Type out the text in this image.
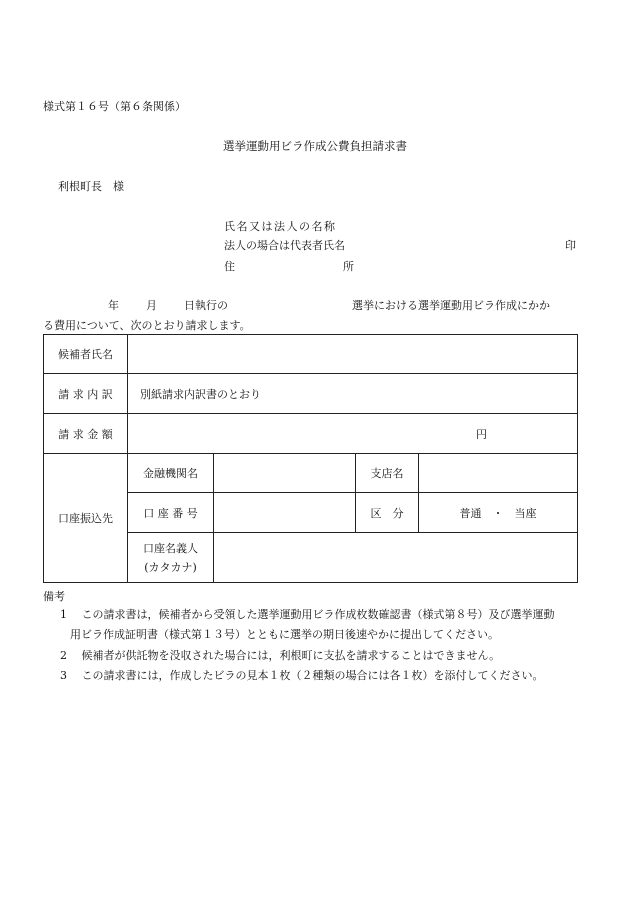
様式第１６号（第６条関係）
選挙運動用ビラ作成公費負担請求書
利根町長　様
氏名又は法人の名称
法人の場合は代表者氏名	印
住	所
年 月 日執行の	選挙における選挙運動用ビラ作成にかか
る費用について、次のとおり請求します。
候補者氏名				
請 求 内 訳	別紙請求内訳書のとおり			
請 求 金 額	円			
口座振込先	金融機関名		支店名	
	口 座 番 号		区　分	普通　・　当座

	口座名義人
(カタカナ)			

備考
1　 この請求書は，候補者から受領した選挙運動用ビラ作成枚数確認書（様式第８号）及び選挙運動
用ビラ作成証明書（様式第１３号）とともに選挙の期日後速やかに提出してください。
2　 候補者が供託物を没収された場合には，利根町に支払を請求することはできません。
3　 この請求書には，作成したビラの見本１枚（２種類の場合には各１枚）を添付してください。
